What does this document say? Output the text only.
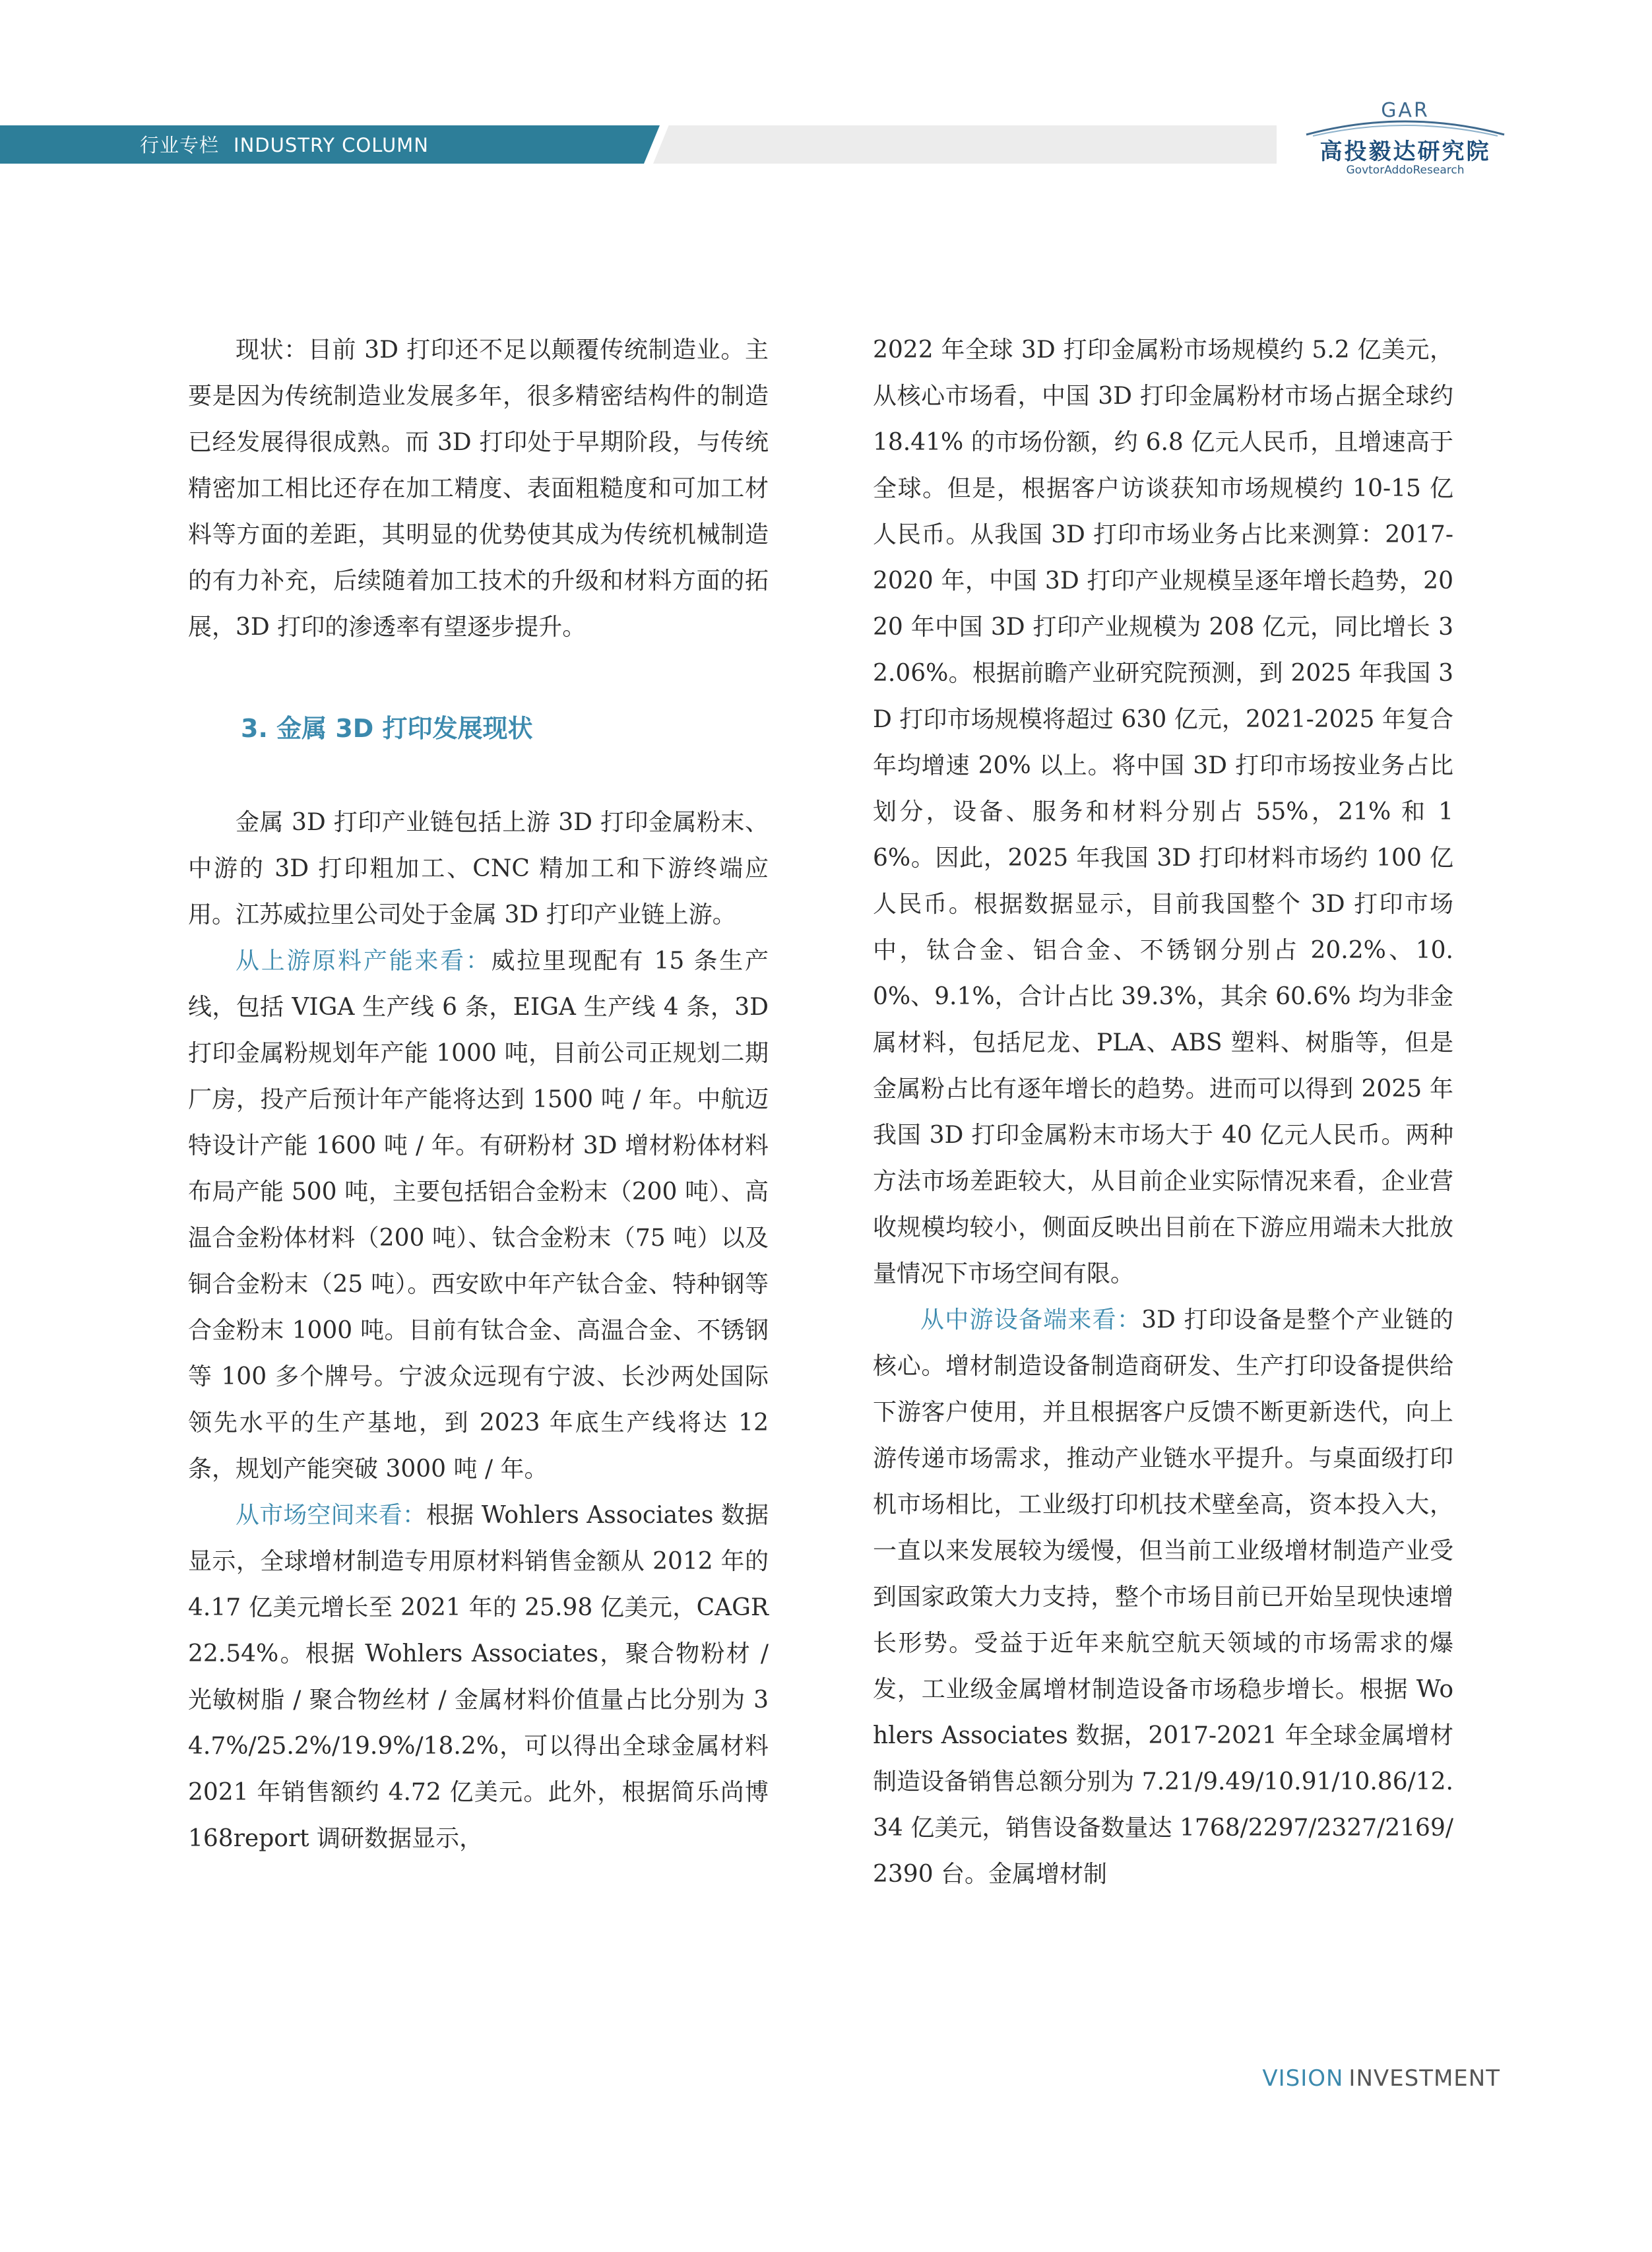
行业专栏 INDUSTRY COLUMN
GAR
高投毅达研究院
GovtorAddoResearch

现状：目前 3D 打印还不足以颠覆传统制造业。主要是因为传统制造业发展多年，很多精密结构件的制造已经发展得很成熟。而 3D 打印处于早期阶段，与传统精密加工相比还存在加工精度、表面粗糙度和可加工材料等方面的差距，其明显的优势使其成为传统机械制造的有力补充，后续随着加工技术的升级和材料方面的拓展，3D 打印的渗透率有望逐步提升。

3. 金属 3D 打印发展现状

金属 3D 打印产业链包括上游 3D 打印金属粉末、中游的 3D 打印粗加工、CNC 精加工和下游终端应用。江苏威拉里公司处于金属 3D 打印产业链上游。

从上游原料产能来看：威拉里现配有 15 条生产线，包括 VIGA 生产线 6 条，EIGA 生产线 4 条，3D 打印金属粉规划年产能 1000 吨，目前公司正规划二期厂房，投产后预计年产能将达到 1500 吨 / 年。中航迈特设计产能 1600 吨 / 年。有研粉材 3D 增材粉体材料布局产能 500 吨，主要包括铝合金粉末（200 吨）、高温合金粉体材料（200 吨）、钛合金粉末（75 吨）以及铜合金粉末（25 吨）。西安欧中年产钛合金、特种钢等合金粉末 1000 吨。目前有钛合金、高温合金、不锈钢等 100 多个牌号。宁波众远现有宁波、长沙两处国际领先水平的生产基地，到 2023 年底生产线将达 12 条，规划产能突破 3000 吨 / 年。

从市场空间来看：根据 Wohlers Associates 数据显示，全球增材制造专用原材料销售金额从 2012 年的 4.17 亿美元增长至 2021 年的 25.98 亿美元，CAGR22.54%。根据 Wohlers Associates，聚合物粉材 / 光敏树脂 / 聚合物丝材 / 金属材料价值量占比分别为 34.7%/25.2%/19.9%/18.2%，可以得出全球金属材料 2021 年销售额约 4.72 亿美元。此外，根据简乐尚博 168report 调研数据显示，

2022 年全球 3D 打印金属粉市场规模约 5.2 亿美元，从核心市场看，中国 3D 打印金属粉材市场占据全球约 18.41% 的市场份额，约 6.8 亿元人民币，且增速高于全球。但是，根据客户访谈获知市场规模约 10-15 亿人民币。从我国 3D 打印市场业务占比来测算：2017-2020 年，中国 3D 打印产业规模呈逐年增长趋势，2020 年中国 3D 打印产业规模为 208 亿元，同比增长 32.06%。根据前瞻产业研究院预测，到 2025 年我国 3D 打印市场规模将超过 630 亿元，2021-2025 年复合年均增速 20% 以上。将中国 3D 打印市场按业务占比划分，设备、服务和材料分别占 55%，21% 和 16%。因此，2025 年我国 3D 打印材料市场约 100 亿人民币。根据数据显示，目前我国整个 3D 打印市场中，钛合金、铝合金、不锈钢分别占 20.2%、10.0%、9.1%，合计占比 39.3%，其余 60.6% 均为非金属材料，包括尼龙、PLA、ABS 塑料、树脂等，但是金属粉占比有逐年增长的趋势。进而可以得到 2025 年我国 3D 打印金属粉末市场大于 40 亿元人民币。两种方法市场差距较大，从目前企业实际情况来看，企业营收规模均较小，侧面反映出目前在下游应用端未大批放量情况下市场空间有限。

从中游设备端来看：3D 打印设备是整个产业链的核心。增材制造设备制造商研发、生产打印设备提供给下游客户使用，并且根据客户反馈不断更新迭代，向上游传递市场需求，推动产业链水平提升。与桌面级打印机市场相比，工业级打印机技术壁垒高，资本投入大，一直以来发展较为缓慢，但当前工业级增材制造产业受到国家政策大力支持，整个市场目前已开始呈现快速增长形势。受益于近年来航空航天领域的市场需求的爆发，工业级金属增材制造设备市场稳步增长。根据 Wohlers Associates 数据，2017-2021 年全球金属增材制造设备销售总额分别为 7.21/9.49/10.91/10.86/12.34 亿美元，销售设备数量达 1768/2297/2327/2169/2390 台。金属增材制

VISION INVESTMENT
